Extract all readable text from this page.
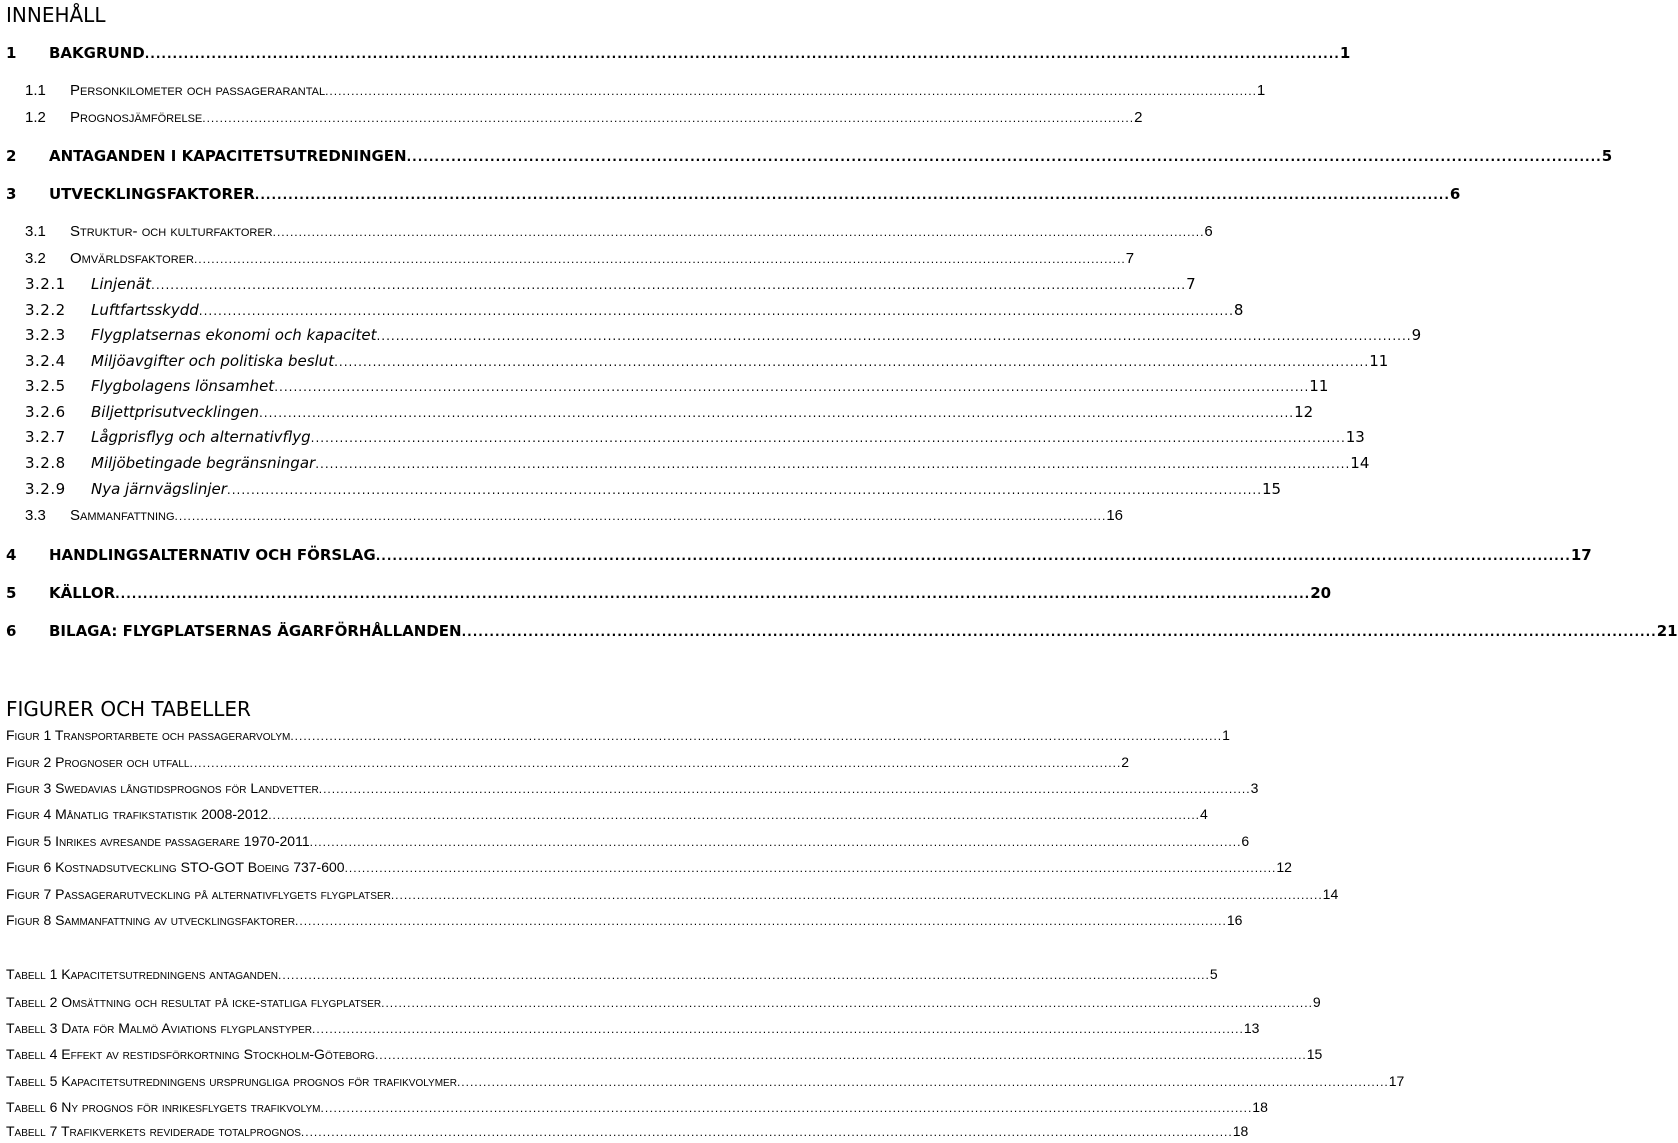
INNEHÅLL
1	BAKGRUND ....................................................................................................................................................................................................................... 1
1.1	Personkilometer och passagerarantal ....................................................................................................................................................................................................................... 1
1.2	Prognosjämförelse ....................................................................................................................................................................................................................... 2
2	ANTAGANDEN I KAPACITETSUTREDNINGEN ....................................................................................................................................................................................................................... 5
3	UTVECKLINGSFAKTORER ....................................................................................................................................................................................................................... 6
3.1	Struktur- och kulturfaktorer ....................................................................................................................................................................................................................... 6
3.2	Omvärldsfaktorer ....................................................................................................................................................................................................................... 7
3.2.1	Linjenät ....................................................................................................................................................................................................................... 7
3.2.2	Luftfartsskydd ....................................................................................................................................................................................................................... 8
3.2.3	Flygplatsernas ekonomi och kapacitet ....................................................................................................................................................................................................................... 9
3.2.4	Miljöavgifter och politiska beslut ....................................................................................................................................................................................................................... 11
3.2.5	Flygbolagens lönsamhet ....................................................................................................................................................................................................................... 11
3.2.6	Biljettprisutvecklingen ....................................................................................................................................................................................................................... 12
3.2.7	Lågprisflyg och alternativflyg ....................................................................................................................................................................................................................... 13
3.2.8	Miljöbetingade begränsningar ....................................................................................................................................................................................................................... 14
3.2.9	Nya järnvägslinjer ....................................................................................................................................................................................................................... 15
3.3	Sammanfattning ....................................................................................................................................................................................................................... 16
4	HANDLINGSALTERNATIV OCH FÖRSLAG ....................................................................................................................................................................................................................... 17
5	KÄLLOR ....................................................................................................................................................................................................................... 20
6	BILAGA: FLYGPLATSERNAS ÄGARFÖRHÅLLANDEN ....................................................................................................................................................................................................................... 21
FIGURER OCH TABELLER
Figur 1 Transportarbete och passagerarvolym ....................................................................................................................................................................................................................... 1
Figur 2 Prognoser och utfall ....................................................................................................................................................................................................................... 2
Figur 3 Swedavias långtidsprognos för Landvetter ....................................................................................................................................................................................................................... 3
Figur 4 Månatlig trafikstatistik 2008-2012 ....................................................................................................................................................................................................................... 4
Figur 5 Inrikes avresande passagerare 1970-2011 ....................................................................................................................................................................................................................... 6
Figur 6 Kostnadsutveckling STO-GOT Boeing 737-600 ....................................................................................................................................................................................................................... 12
Figur 7 Passagerarutveckling på alternativflygets flygplatser ....................................................................................................................................................................................................................... 14
Figur 8 Sammanfattning av utvecklingsfaktorer ....................................................................................................................................................................................................................... 16
Tabell 1 Kapacitetsutredningens antaganden ....................................................................................................................................................................................................................... 5
Tabell 2 Omsättning och resultat på icke-statliga flygplatser ....................................................................................................................................................................................................................... 9
Tabell 3 Data för Malmö Aviations flygplanstyper ....................................................................................................................................................................................................................... 13
Tabell 4 Effekt av restidsförkortning Stockholm-Göteborg ....................................................................................................................................................................................................................... 15
Tabell 5 Kapacitetsutredningens ursprungliga prognos för trafikvolymer ....................................................................................................................................................................................................................... 17
Tabell 6 Ny prognos för inrikesflygets trafikvolym ....................................................................................................................................................................................................................... 18
Tabell 7 Trafikverkets reviderade totalprognos ....................................................................................................................................................................................................................... 18
